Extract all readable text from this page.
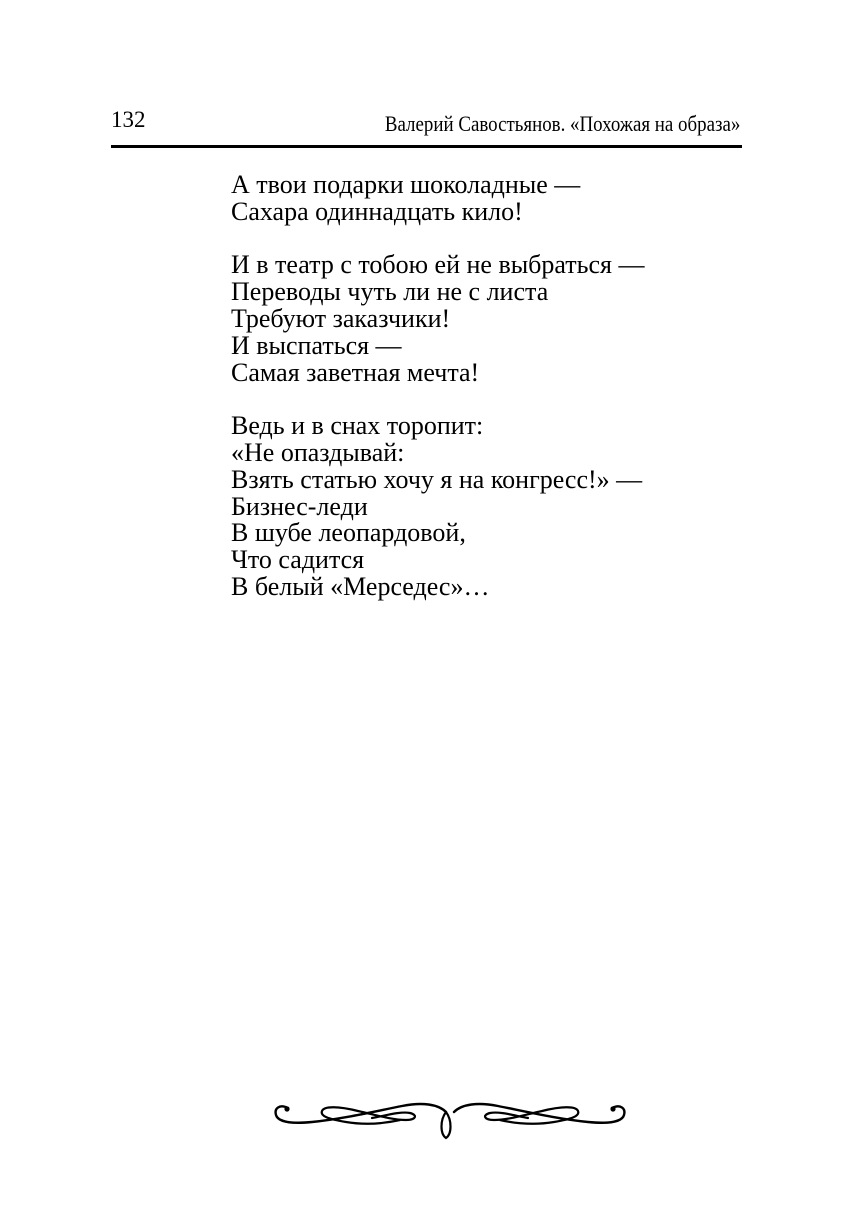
132	Валерий Савостьянов. «Похожая на образа»
А твои подарки шоколадные —
Сахара одиннадцать кило!
И в театр с тобою ей не выбраться —
Переводы чуть ли не с листа
Требуют заказчики!
И выспаться —
Самая заветная мечта!
Ведь и в снах торопит:
«Не опаздывай:
Взять статью хочу я на конгресс!» —
Бизнес-леди
В шубе леопардовой,
Что садится
В белый «Мерседес»…
